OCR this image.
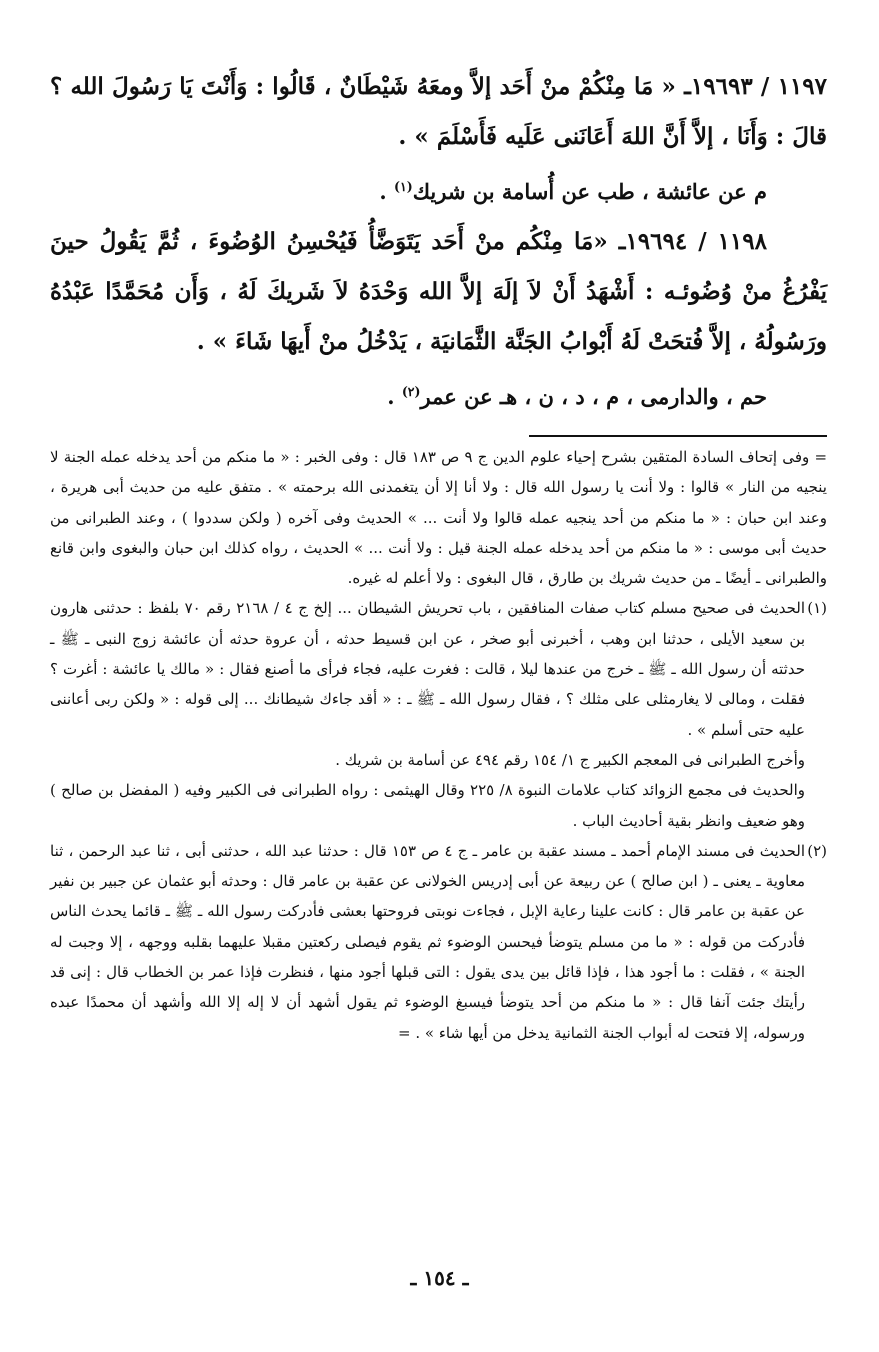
١١٩٧ / ١٩٦٩٣ـ « مَا مِنْكُمْ منْ أَحَد إلاَّ ومعَهُ شَيْطَانٌ ، قَالُوا : وَأَنْتَ يَا رَسُولَ الله ؟ قالَ : وَأَنَا ، إلاَّ أَنَّ اللهَ أَعَانَنى عَلَيه فَأَسْلَمَ » .

م عن عائشة ، طب عن أُسامة بن شريك$^{(١)}$ .

١١٩٨ / ١٩٦٩٤ـ «مَا مِنْكُم منْ أَحَد يَتَوَضَّأُ فَيُحْسِنُ الوُضُوءَ ، ثُمَّ يَقُولُ حينَ يَفْرُغُ منْ وُضُوئـه : أَشْهَدُ أَنْ لاَ إلَهَ إلاَّ الله وَحْدَهُ لاَ شَريكَ لَهُ ، وَأَن مُحَمَّدًا عَبْدُهُ ورَسُولُهُ ، إلاَّ فُتحَتْ لَهُ أَبْوابُ الجَنَّة الثَّمَانيَة ، يَدْخُلُ منْ أَيهَا شَاءَ » .

حم ، والدارمى ، م ، د ، ن ، هـ عن عمر$^{(٢)}$ .

= وفى إتحاف السادة المتقين بشرح إحياء علوم الدين ج ٩ ص ١٨٣ قال : وفى الخبر : « ما منكم من أحد يدخله عمله الجنة لا ينجيه من النار » قالوا : ولا أنت يا رسول الله قال : ولا أنا إلا أن يتغمدنى الله برحمته » . متفق عليه من حديث أبى هريرة ، وعند ابن حبان : « ما منكم من أحد ينجيه عمله قالوا ولا أنت ... » الحديث وفى آخره ( ولكن سددوا ) ، وعند الطبرانى من حديث أبى موسى : « ما منكم من أحد يدخله عمله الجنة قيل : ولا أنت ... » الحديث ، رواه كذلك ابن حبان والبغوى وابن قانع والطبرانى ـ أيضًا ـ من حديث شريك بن طارق ، قال البغوى : ولا أعلم له غيره.

(١)
الحديث فى صحيح مسلم كتاب صفات المنافقين ، باب تحريش الشيطان ... إلخ ج ٤ / ٢١٦٨ رقم ٧٠ بلفظ : حدثنى هارون بن سعيد الأيلى ، حدثنا ابن وهب ، أخبرنى أبو صخر ، عن ابن قسيط حدثه ، أن عروة حدثه أن عائشة زوج النبى ـ ﷺ ـ حدثته أن رسول الله ـ ﷺ ـ خرج من عندها ليلا ، قالت : فغرت عليه، فجاء فرأى ما أصنع فقال : « مالك يا عائشة : أغرت ؟ فقلت ، ومالى لا يغارمثلى على مثلك ؟ ، فقال رسول الله ـ ﷺ ـ : « أقد جاءك شيطانك ... إلى قوله : « ولكن ربى أعاننى عليه حتى أسلم » .

وأخرج الطبرانى فى المعجم الكبير ج ١/ ١٥٤ رقم ٤٩٤ عن أسامة بن شريك .

والحديث فى مجمع الزوائد كتاب علامات النبوة ٨/ ٢٢٥ وقال الهيثمى : رواه الطبرانى فى الكبير وفيه ( المفضل بن صالح ) وهو ضعيف وانظر بقية أحاديث الباب .

(٢)
الحديث فى مسند الإمام أحمد ـ مسند عقبة بن عامر ـ ج ٤ ص ١٥٣ قال : حدثنا عبد الله ، حدثنى أبى ، ثنا عبد الرحمن ، ثنا معاوية ـ يعنى ـ ( ابن صالح ) عن ربيعة عن أبى إدريس الخولانى عن عقبة بن عامر قال : وحدثه أبو عثمان عن جبير بن نفير عن عقبة بن عامر قال : كانت علينا رعاية الإبل ، فجاءت نوبتى فروحتها بعشى فأدركت رسول الله ـ ﷺ ـ قائما يحدث الناس فأدركت من قوله : « ما من مسلم يتوضأ فيحسن الوضوء ثم يقوم فيصلى ركعتين مقبلا عليهما بقلبه ووجهه ، إلا وجبت له الجنة » ، فقلت : ما أجود هذا ، فإذا قائل بين يدى يقول : التى قبلها أجود منها ، فنظرت فإذا عمر بن الخطاب قال : إنى قد رأيتك جئت آنفا قال : « ما منكم من أحد يتوضأ فيسبغ الوضوء ثم يقول أشهد أن لا إله إلا الله وأشهد أن محمدًا عبده ورسوله، إلا فتحت له أبواب الجنة الثمانية يدخل من أيها شاء » . =

ـ ١٥٤ ـ
